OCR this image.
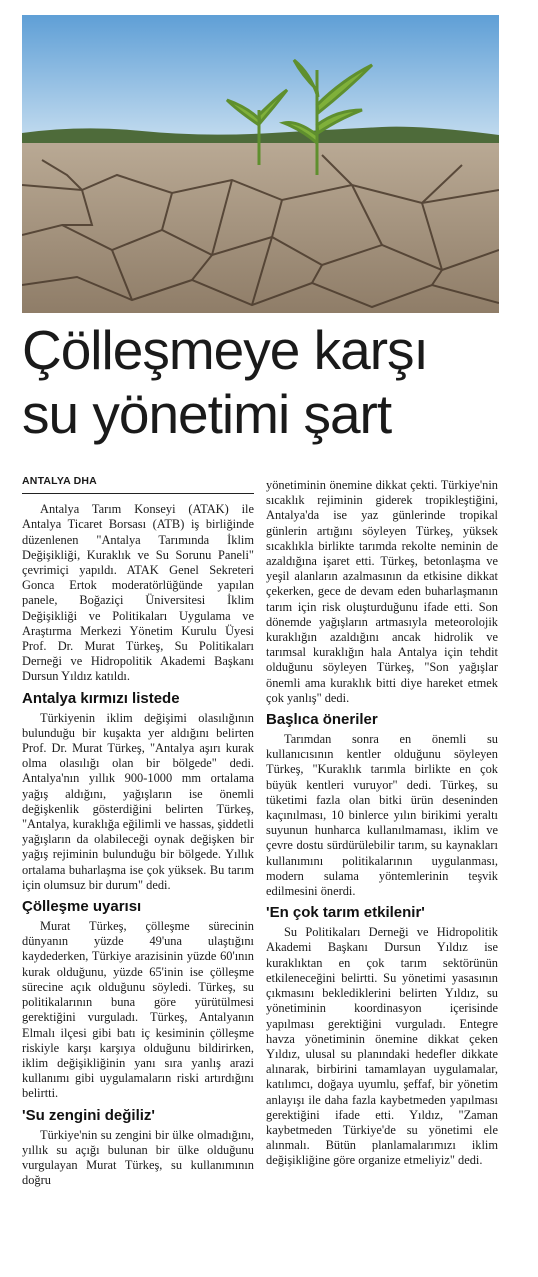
Çölleşmeye karşı
su yönetimi şart
ANTALYA DHA

Antalya Tarım Konseyi (ATAK) ile Antalya Ticaret Borsası (ATB) iş birliğinde düzenlenen "Antalya Tarımında İklim Değişikliği, Kuraklık ve Su Sorunu Paneli" çevrimiçi yapıldı. ATAK Genel Sekreteri Gonca Ertok moderatörlüğünde yapılan panele, Boğaziçi Üniversitesi İklim Değişikliği ve Politikaları Uygulama ve Araştırma Merkezi Yönetim Kurulu Üyesi Prof. Dr. Murat Türkeş, Su Politikaları Derneği ve Hidropolitik Akademi Başkanı Dursun Yıldız katıldı.

Antalya kırmızı listede

Türkiyenin iklim değişimi olasılığının bulunduğu bir kuşakta yer aldığını belirten Prof. Dr. Murat Türkeş, "Antalya aşırı kurak olma olasılığı olan bir bölgede" dedi. Antalya'nın yıllık 900-1000 mm ortalama yağış aldığını, yağışların ise önemli değişkenlik gösterdiğini belirten Türkeş, "Antalya, kuraklığa eğilimli ve hassas, şiddetli yağışların da olabileceği oynak değişken bir yağış rejiminin bulunduğu bir bölgede. Yıllık ortalama buharlaşma ise çok yüksek. Bu tarım için olumsuz bir durum" dedi.

Çölleşme uyarısı

Murat Türkeş, çölleşme sürecinin dünyanın yüzde 49'una ulaştığını kaydederken, Türkiye arazisinin yüzde 60'ının kurak olduğunu, yüzde 65'inin ise çölleşme sürecine açık olduğunu söyledi. Türkeş, su politikalarının buna göre yürütülmesi gerektiğini vurguladı. Türkeş, Antalyanın Elmalı ilçesi gibi batı iç kesiminin çölleşme riskiyle karşı karşıya olduğunu bildirirken, iklim değişikliğinin yanı sıra yanlış arazi kullanımı gibi uygulamaların riski artırdığını belirtti.

'Su zengini değiliz'

Türkiye'nin su zengini bir ülke olmadığını, yıllık su açığı bulunan bir ülke olduğunu vurgulayan Murat Türkeş, su kullanımının doğru

yönetiminin önemine dikkat çekti. Türkiye'nin sıcaklık rejiminin giderek tropikleştiğini, Antalya'da ise yaz günlerinde tropikal günlerin artığını söyleyen Türkeş, yüksek sıcaklıkla birlikte tarımda rekolte neminin de azaldığına işaret etti. Türkeş, betonlaşma ve yeşil alanların azalmasının da etkisine dikkat çekerken, gece de devam eden buharlaşmanın tarım için risk oluşturduğunu ifade etti. Son dönemde yağışların artmasıyla meteorolojik kuraklığın azaldığını ancak hidrolik ve tarımsal kuraklığın hala Antalya için tehdit olduğunu söyleyen Türkeş, "Son yağışlar önemli ama kuraklık bitti diye hareket etmek çok yanlış" dedi.

Başlıca öneriler

Tarımdan sonra en önemli su kullanıcısının kentler olduğunu söyleyen Türkeş, "Kuraklık tarımla birlikte en çok büyük kentleri vuruyor" dedi. Türkeş, su tüketimi fazla olan bitki ürün deseninden kaçınılması, 10 binlerce yılın birikimi yeraltı suyunun hunharca kullanılmaması, iklim ve çevre dostu sürdürülebilir tarım, su kaynakları kullanımını politikalarının uygulanması, modern sulama yöntemlerinin teşvik edilmesini önerdi.

'En çok tarım etkilenir'

Su Politikaları Derneği ve Hidropolitik Akademi Başkanı Dursun Yıldız ise kuraklıktan en çok tarım sektörünün etkileneceğini belirtti. Su yönetimi yasasının çıkmasını beklediklerini belirten Yıldız, su yönetiminin koordinasyon içerisinde yapılması gerektiğini vurguladı. Entegre havza yönetiminin önemine dikkat çeken Yıldız, ulusal su planındaki hedefler dikkate alınarak, birbirini tamamlayan uygulamalar, katılımcı, doğaya uyumlu, şeffaf, bir yönetim anlayışı ile daha fazla kaybetmeden yapılması gerektiğini ifade etti. Yıldız, "Zaman kaybetmeden Türkiye'de su yönetimi ele alınmalı. Bütün planlamalarımızı iklim değişikliğine göre organize etmeliyiz" dedi.
